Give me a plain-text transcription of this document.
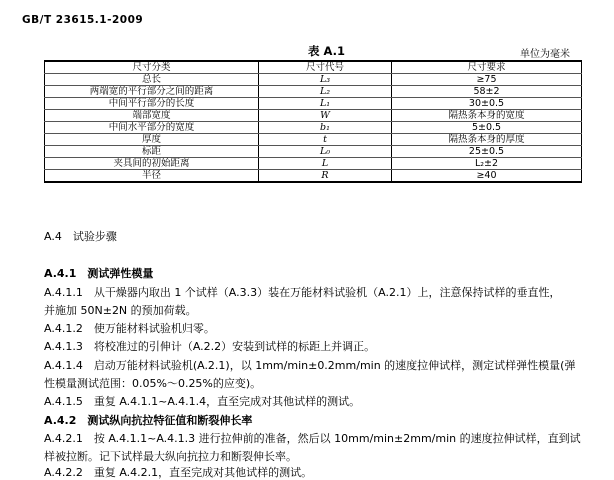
GB/T 23615.1-2009
表 A.1	单位为毫米
尺寸分类	尺寸代号	尺寸要求
总长	L₃	≥75
两端宽的平行部分之间的距离	L₂	58±2
中间平行部分的长度	L₁	30±0.5
端部宽度	W	隔热条本身的宽度
中间水平部分的宽度	b₁	5±0.5
厚度	t	隔热条本身的厚度
标距	L₀	25±0.5
夹具间的初始距离	L	L₂±2
半径	R	≥40
A.4　试验步骤
A.4.1　测试弹性模量
A.4.1.1　从干燥器内取出 1 个试样（A.3.3）装在万能材料试验机（A.2.1）上，注意保持试样的垂直性，
并施加 50N±2N 的预加荷载。
A.4.1.2　使万能材料试验机归零。
A.4.1.3　将校准过的引伸计（A.2.2）安装到试样的标距上并调正。
A.4.1.4　启动万能材料试验机(A.2.1)，以 1mm/min±0.2mm/min 的速度拉伸试样，测定试样弹性模量(弹
性模量测试范围：0.05%～0.25%的应变)。
A.4.1.5　重复 A.4.1.1~A.4.1.4，直至完成对其他试样的测试。
A.4.2　测试纵向抗拉特征值和断裂伸长率
A.4.2.1　按 A.4.1.1~A.4.1.3 进行拉伸前的准备，然后以 10mm/min±2mm/min 的速度拉伸试样，直到试
样被拉断。记下试样最大纵向抗拉力和断裂伸长率。
A.4.2.2　重复 A.4.2.1，直至完成对其他试样的测试。
